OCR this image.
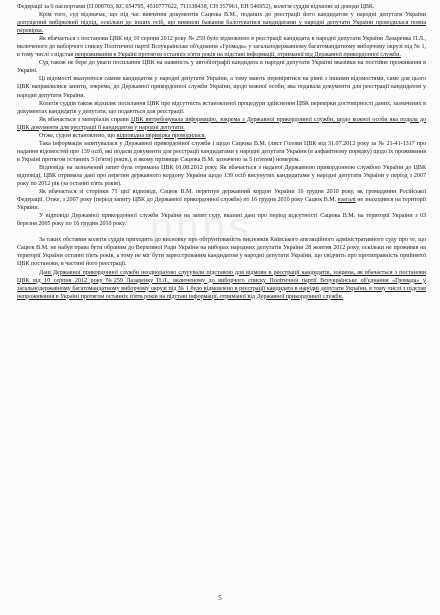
phbs

Федерації за 6 паспортами (П 008703, КС 654795, 4510777622, 711138438, СН 357961, ЕН 546952), колегія суддів відхиляє ці доводи ЦВК.

Крім того, суд відзначає, що під час вивчення документів Сацюка В.М., поданих до реєстрації його кандидатом у народні депутати України допущений вибірковий підхід, оскільки до інших осіб, що виявили бажання балотуватися кандидатами у народні депутати України проводилася повна перевірка.

Як вбачається з постанови ЦВК від 10 серпня 2012 року № 259 було відмовлено в реєстрації кандидата в народні депутати України Лазаренка П.Л., включеного до виборчого списку Політичної партії Всеукраїнське об'єднання «Громада» у загальнодержавному багатомандатному виборчому окрузі під № 1, в тому числі з підстав непроживання в Україні протягом останніх п'яти років на підставі інформації, отриманої від Державної прикордонної служби.

Суд також не бере до уваги посилання ЦВК на наявність у автобіографії кандидата в народні депутати України вказівки на постійне проживання в Україні.

Ці відомості вказуються самим кандидатом у народні депутати України, а тому мають перевірятися на рівні з іншими відомостями, саме для цього ЦВК направлялися запити, зокрема, до Державної прикордонної служби України, щодо кожної особи, яка подавала документи для реєстрації кандидатом у народні депутати України.

Колегія суддів також відхиляє посилання ЦВК про відсутність встановленої процедури здійснення ЦВК перевірки достовірності даних, зазначених в документах кандидатів у депутати, що подаються для реєстрації.

Як вбачається з матеріалів справи ЦВК витребовувала інформацію, зокрема з Державної прикордонної служби, щодо кожної особи яка подала до ЦВК документи для реєстрації її кандидатом у народні депутати.

Отже, судом встановлено, що відповідна перевірка проводилася.

Така інформація запитувалася у Державної прикордонної служби і щодо Сацюка В.М. (лист Голови ЦВК від 31.07.2012 року за № 21-41-1317 про надання відомостей про 139 осіб, які подали документи для реєстрації кандидатами у народні депутати України (в алфавітному порядку) щодо їх проживання в Україні протягом останніх 5 (п'яти) років.), в якому прізвище Сацюка В.М. зазначено за 5 (п'ятим) номером.

Відповідь на зазначений запит була отримана ЦВК 01.08.2012 року. Як вбачається з наданої Державною прикордонною службою України до ЦВК відповіді, ЦВК отримала дані про перетин державного кордону України щодо 139 осіб висунутих кандидатами у народні депутати України у період з 2007 року по 2012 рік (за останні п'ять років).

Як вбачається зі сторінки 71 цієї відповіді, Сацюк В.М. перетнув державний кордон України 16 грудня 2010 року, як громадянин Російської Федерації. Отже, з 2007 року (період запиту ЦВК до Державної прикордонної служби) по 16 грудня 2010 року Сацюк В.М. взагалі не знаходився на території України.

У відповіді Державної прикордонної служби України на запит суду, вказані дані про період відсутності Сацюка В.М. на території України з 03 березня 2005 року по 16 грудня 2010 року.

За таких обставин колегія суддів приходить до висновку про обгрунтованість висновків Київського апеляційного адміністративного суду про те, що Сацюк В.М. не набув права бути обраним до Верховної Ради України на виборах народних депутатів України 28 жовтня 2012 року, оскільки не проживав на території України останні п'ять років, а тому не міг бути зареєстрованим кандидатом у народні депутати України, що свідчить про протиправність прийнятої ЦВК постанови, в частині його реєстрації.

Дані Державної прикордонної служби неодноразово слугували підставою для відмови в реєстрації кандидатів, зокрема, як вбачається з постанови ЦВК від 10 серпня 2012 року №259 Лазаренку П.Л., включеному до виборчого списку Політичної партії Всеукраїнське об'єднання «Громада» у загальнодержавному багатомандатному виборчому окрузі під № 1 було відмовлено в реєстрації кандидата в народні депутати України, в тому числі з підстав непроживання в Україні протягом останніх п'яти років на підставі інформації, отриманої від Державної прикордонної служби.

5
